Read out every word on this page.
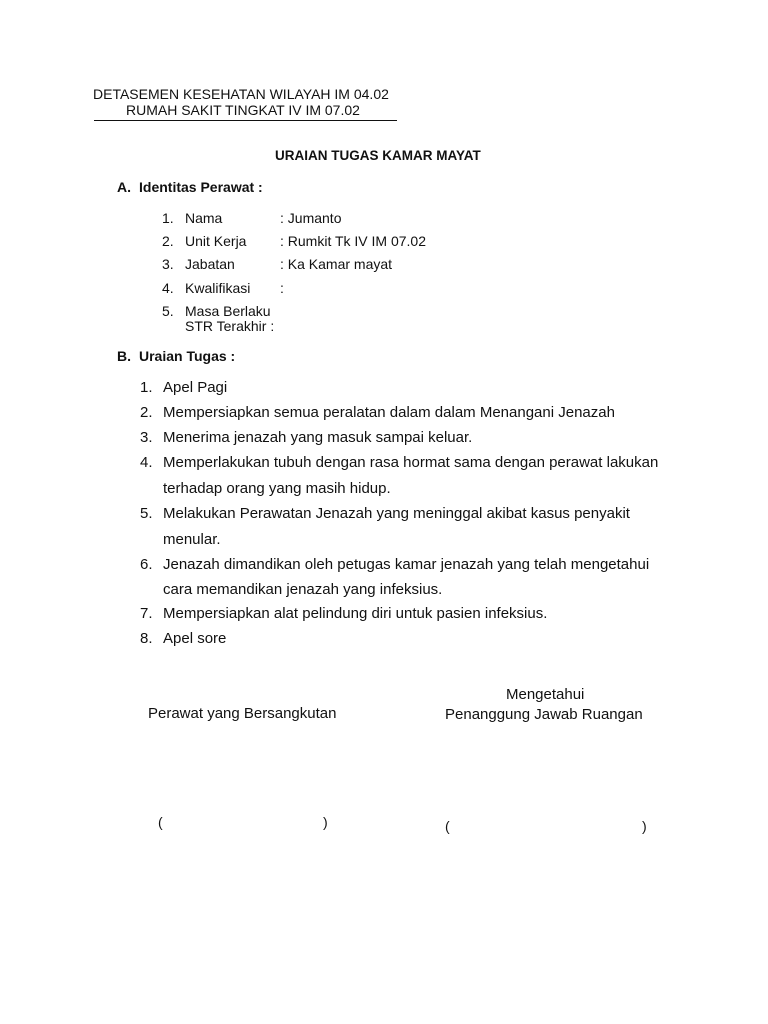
DETASEMEN KESEHATAN WILAYAH IM 04.02
RUMAH SAKIT TINGKAT IV IM 07.02
URAIAN TUGAS KAMAR MAYAT
A. Identitas Perawat :
1. Nama	: Jumanto
2. Unit Kerja : Rumkit Tk IV IM 07.02
3. Jabatan	: Ka Kamar mayat
4. Kwalifikasi :
5. Masa Berlaku
STR Terakhir :
B. Uraian Tugas :
1. Apel Pagi
2. Mempersiapkan semua peralatan dalam dalam Menangani Jenazah
3. Menerima jenazah yang masuk sampai keluar.
4. Memperlakukan tubuh dengan rasa hormat sama dengan perawat lakukan
terhadap orang yang masih hidup.
5. Melakukan Perawatan Jenazah yang meninggal akibat kasus penyakit
menular.
6. Jenazah dimandikan oleh petugas kamar jenazah yang telah mengetahui
cara memandikan jenazah yang infeksius.
7. Mempersiapkan alat pelindung diri untuk pasien infeksius.
8. Apel sore
Perawat yang Bersangkutan
Mengetahui
Penanggung Jawab Ruangan
(	)	(	)
